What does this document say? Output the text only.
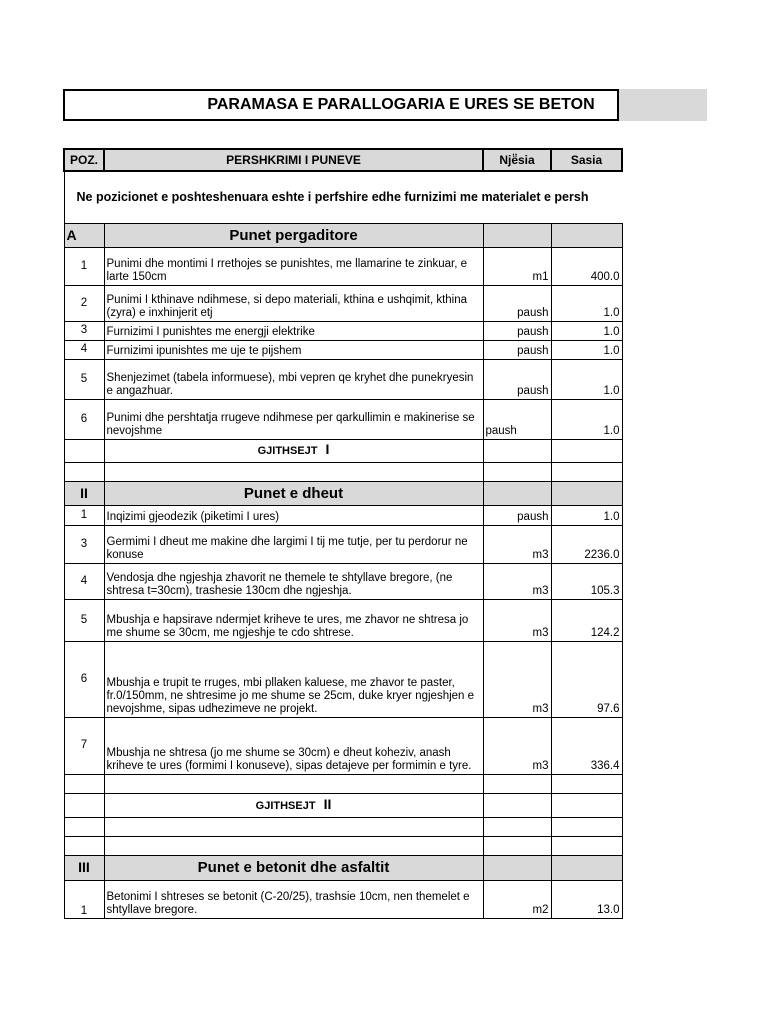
PARAMASA E PARALLOGARIA E URES SE BETON
POZ.	PERSHKRIMI I PUNEVE	Një̈sia	Sasia
Ne pozicionet e poshteshenuara eshte i perfshire edhe furnizimi me materialet e persh			
A	Punet pergaditore		
1	Punimi dhe montimi I rrethojes se punishtes, me llamarine te zinkuar, e larte 150cm	m1	400.0
2	Punimi I kthinave ndihmese, si depo materiali, kthina e ushqimit, kthina (zyra) e inxhinjerit etj	paush	1.0
3	Furnizimi I punishtes me energji elektrike	paush	1.0
4	Furnizimi ipunishtes me uje te pijshem	paush	1.0
5	Shenjezimet (tabela informuese), mbi vepren qe kryhet dhe punekryesin e angazhuar.	paush	1.0
6	Punimi dhe pershtatja rrugeve ndihmese per qarkullimin e makinerise se nevojshme	paush	1.0
	GJITHSEJT I		

II	Punet e dheut		
1	Inqizimi gjeodezik (piketimi I ures)	paush	1.0
3	Germimi I dheut me makine dhe largimi I tij me tutje, per tu perdorur ne konuse	m3	2236.0
4	Vendosja dhe ngjeshja zhavorit ne themele te shtyllave bregore, (ne shtresa t=30cm), trashesie 130cm dhe ngjeshja.	m3	105.3
5	Mbushja e hapsirave ndermjet kriheve te ures, me zhavor ne shtresa jo me shume se 30cm, me ngjeshje te cdo shtrese.	m3	124.2
6	Mbushja e trupit te rruges, mbi pllaken kaluese, me zhavor te paster, fr.0/150mm, ne shtresime jo me shume se 25cm, duke kryer ngjeshjen e nevojshme, sipas udhezimeve ne projekt.	m3	97.6
7	Mbushja ne shtresa (jo me shume se 30cm) e dheut koheziv, anash kriheve te ures (formimi I konuseve), sipas detajeve per formimin e tyre.	m3	336.4

	GJITHSEJT II		

III	Punet e betonit dhe asfaltit		
1	Betonimi I shtreses se betonit (C-20/25), trashsie 10cm, nen themelet e shtyllave bregore.	m2	13.0
